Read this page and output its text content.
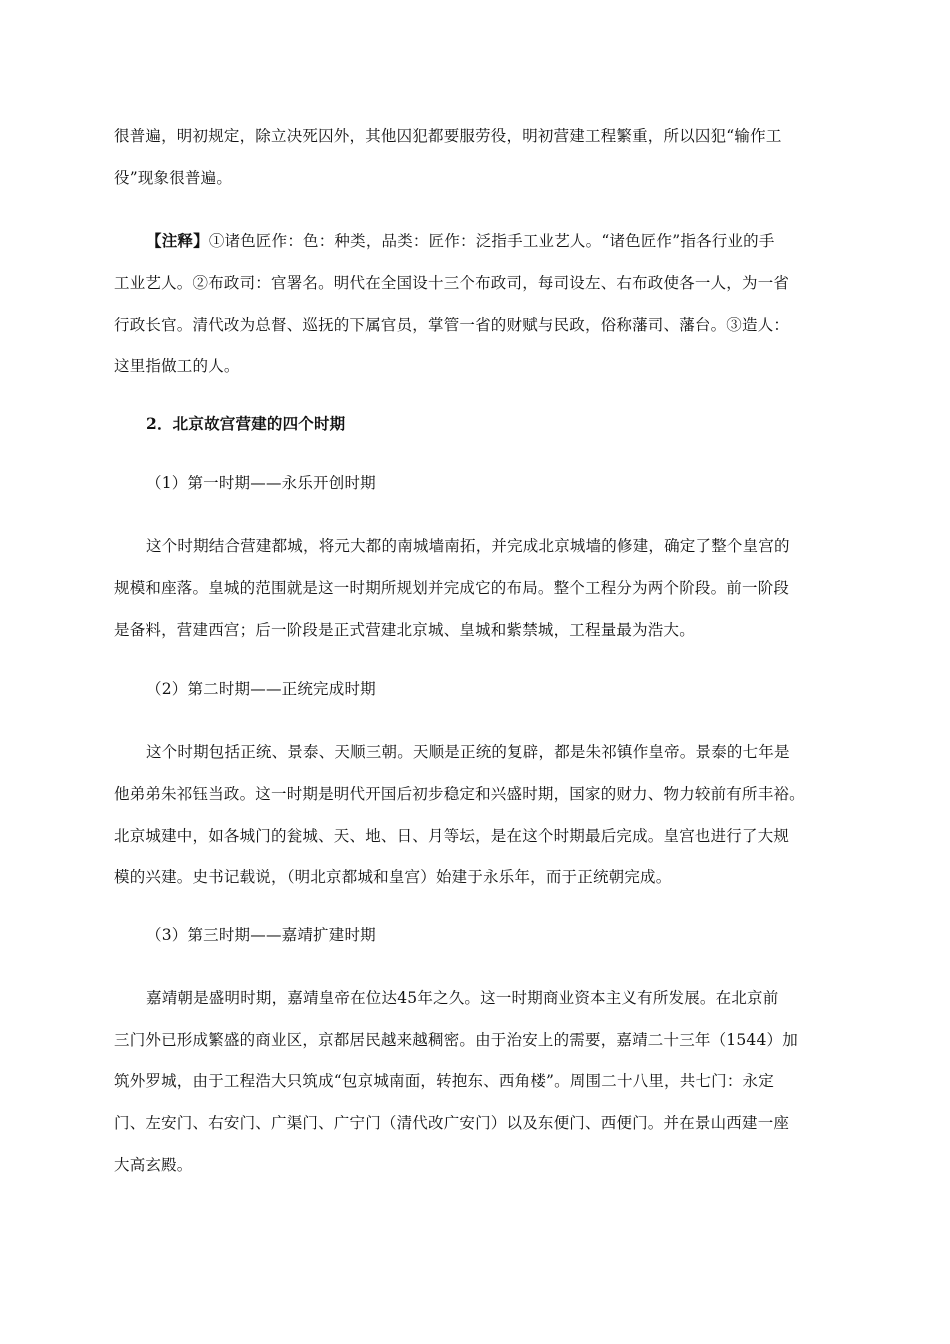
很普遍，明初规定，除立决死囚外，其他囚犯都要服劳役，明初营建工程繁重，所以囚犯“输作工
役”现象很普遍。
【注释】①诸色匠作：色：种类，品类：匠作：泛指手工业艺人。“诸色匠作”指各行业的手
工业艺人。②布政司：官署名。明代在全国设十三个布政司，每司设左、右布政使各一人，为一省
行政长官。清代改为总督、巡抚的下属官员，掌管一省的财赋与民政，俗称藩司、藩台。③造人：
这里指做工的人。
2．北京故宫营建的四个时期
（1）第一时期——永乐开创时期
这个时期结合营建都城，将元大都的南城墙南拓，并完成北京城墙的修建，确定了整个皇宫的
规模和座落。皇城的范围就是这一时期所规划并完成它的布局。整个工程分为两个阶段。前一阶段
是备料，营建西宫；后一阶段是正式营建北京城、皇城和紫禁城，工程量最为浩大。
（2）第二时期——正统完成时期
这个时期包括正统、景泰、天顺三朝。天顺是正统的复辟，都是朱祁镇作皇帝。景泰的七年是
他弟弟朱祁钰当政。这一时期是明代开国后初步稳定和兴盛时期，国家的财力、物力较前有所丰裕。
北京城建中，如各城门的瓮城、天、地、日、月等坛，是在这个时期最后完成。皇宫也进行了大规
模的兴建。史书记载说，（明北京都城和皇宫）始建于永乐年，而于正统朝完成。
（3）第三时期——嘉靖扩建时期
嘉靖朝是盛明时期，嘉靖皇帝在位达45年之久。这一时期商业资本主义有所发展。在北京前
三门外已形成繁盛的商业区，京都居民越来越稠密。由于治安上的需要，嘉靖二十三年（1544）加
筑外罗城，由于工程浩大只筑成“包京城南面，转抱东、西角楼”。周围二十八里，共七门：永定
门、左安门、右安门、广渠门、广宁门（清代改广安门）以及东便门、西便门。并在景山西建一座
大高玄殿。
